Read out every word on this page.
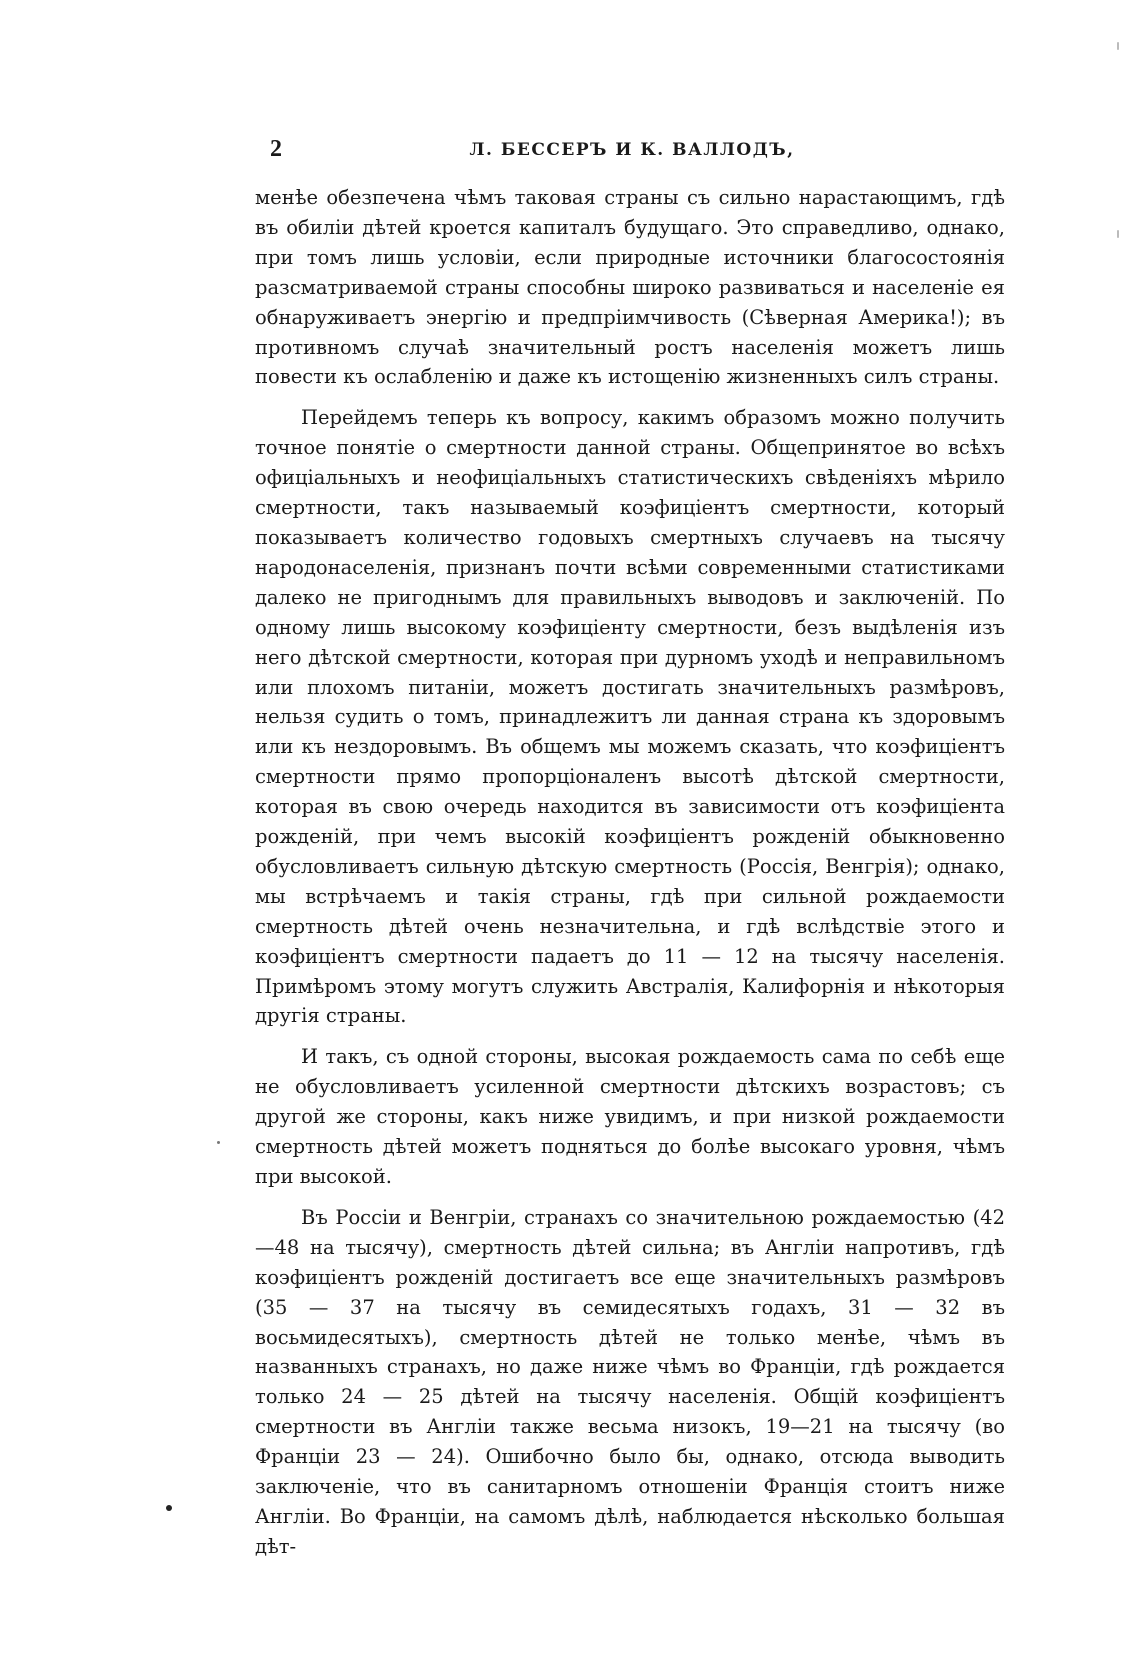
2	Л. БЕССЕРЪ И К. ВАЛЛОДЪ,

менѣе обезпечена чѣмъ таковая страны съ сильно нарастающимъ, гдѣ въ обиліи дѣтей кроется капиталъ будущаго. Это справедливо, однако, при томъ лишь условіи, если природные источники благосостоянія разсматриваемой страны способны широко развиваться и населеніе ея обнаруживаетъ энергію и предпріимчивость (Сѣверная Америка!); въ противномъ случаѣ значительный ростъ населенія можетъ лишь повести къ ослабленію и даже къ истощенію жизненныхъ силъ страны.

Перейдемъ теперь къ вопросу, какимъ образомъ можно получить точное понятіе о смертности данной страны. Общепринятое во всѣхъ офиціальныхъ и неофиціальныхъ статистическихъ свѣденіяхъ мѣрило смертности, такъ называемый коэфиціентъ смертности, который показываетъ количество годовыхъ смертныхъ случаевъ на тысячу народонаселенія, признанъ почти всѣми современными статистиками далеко не пригоднымъ для правильныхъ выводовъ и заключеній. По одному лишь высокому коэфиціенту смертности, безъ выдѣленія изъ него дѣтской смертности, которая при дурномъ уходѣ и неправильномъ или плохомъ питаніи, можетъ достигать значительныхъ размѣровъ, нельзя судить о томъ, принадлежитъ ли данная страна къ здоровымъ или къ нездоровымъ. Въ общемъ мы можемъ сказать, что коэфиціентъ смертности прямо пропорціоналенъ высотѣ дѣтской смертности, которая въ свою очередь находится въ зависимости отъ коэфиціента рожденій, при чемъ высокій коэфиціентъ рожденій обыкновенно обусловливаетъ сильную дѣтскую смертность (Россія, Венгрія); однако, мы встрѣчаемъ и такія страны, гдѣ при сильной рождаемости смертность дѣтей очень незначительна, и гдѣ вслѣдствіе этого и коэфиціентъ смертности падаетъ до 11 — 12 на тысячу населенія. Примѣромъ этому могутъ служить Австралія, Калифорнія и нѣкоторыя другія страны.

И такъ, съ одной стороны, высокая рождаемость сама по себѣ еще не обусловливаетъ усиленной смертности дѣтскихъ возрастовъ; съ другой же стороны, какъ ниже увидимъ, и при низкой рождаемости смертность дѣтей можетъ подняться до болѣе высокаго уровня, чѣмъ при высокой.

Въ Россіи и Венгріи, странахъ со значительною рождаемостью (42—48 на тысячу), смертность дѣтей сильна; въ Англіи напротивъ, гдѣ коэфиціентъ рожденій достигаетъ все еще значительныхъ размѣровъ (35 — 37 на тысячу въ семидесятыхъ годахъ, 31 — 32 въ восьмидесятыхъ), смертность дѣтей не только менѣе, чѣмъ въ названныхъ странахъ, но даже ниже чѣмъ во Франціи, гдѣ рождается только 24 — 25 дѣтей на тысячу населенія. Общій коэфиціентъ смертности въ Англіи также весьма низокъ, 19—21 на тысячу (во Франціи 23 — 24). Ошибочно было бы, однако, отсюда выводить заключеніе, что въ санитарномъ отношеніи Франція стоитъ ниже Англіи. Во Франціи, на самомъ дѣлѣ, наблюдается нѣсколько большая дѣт-
